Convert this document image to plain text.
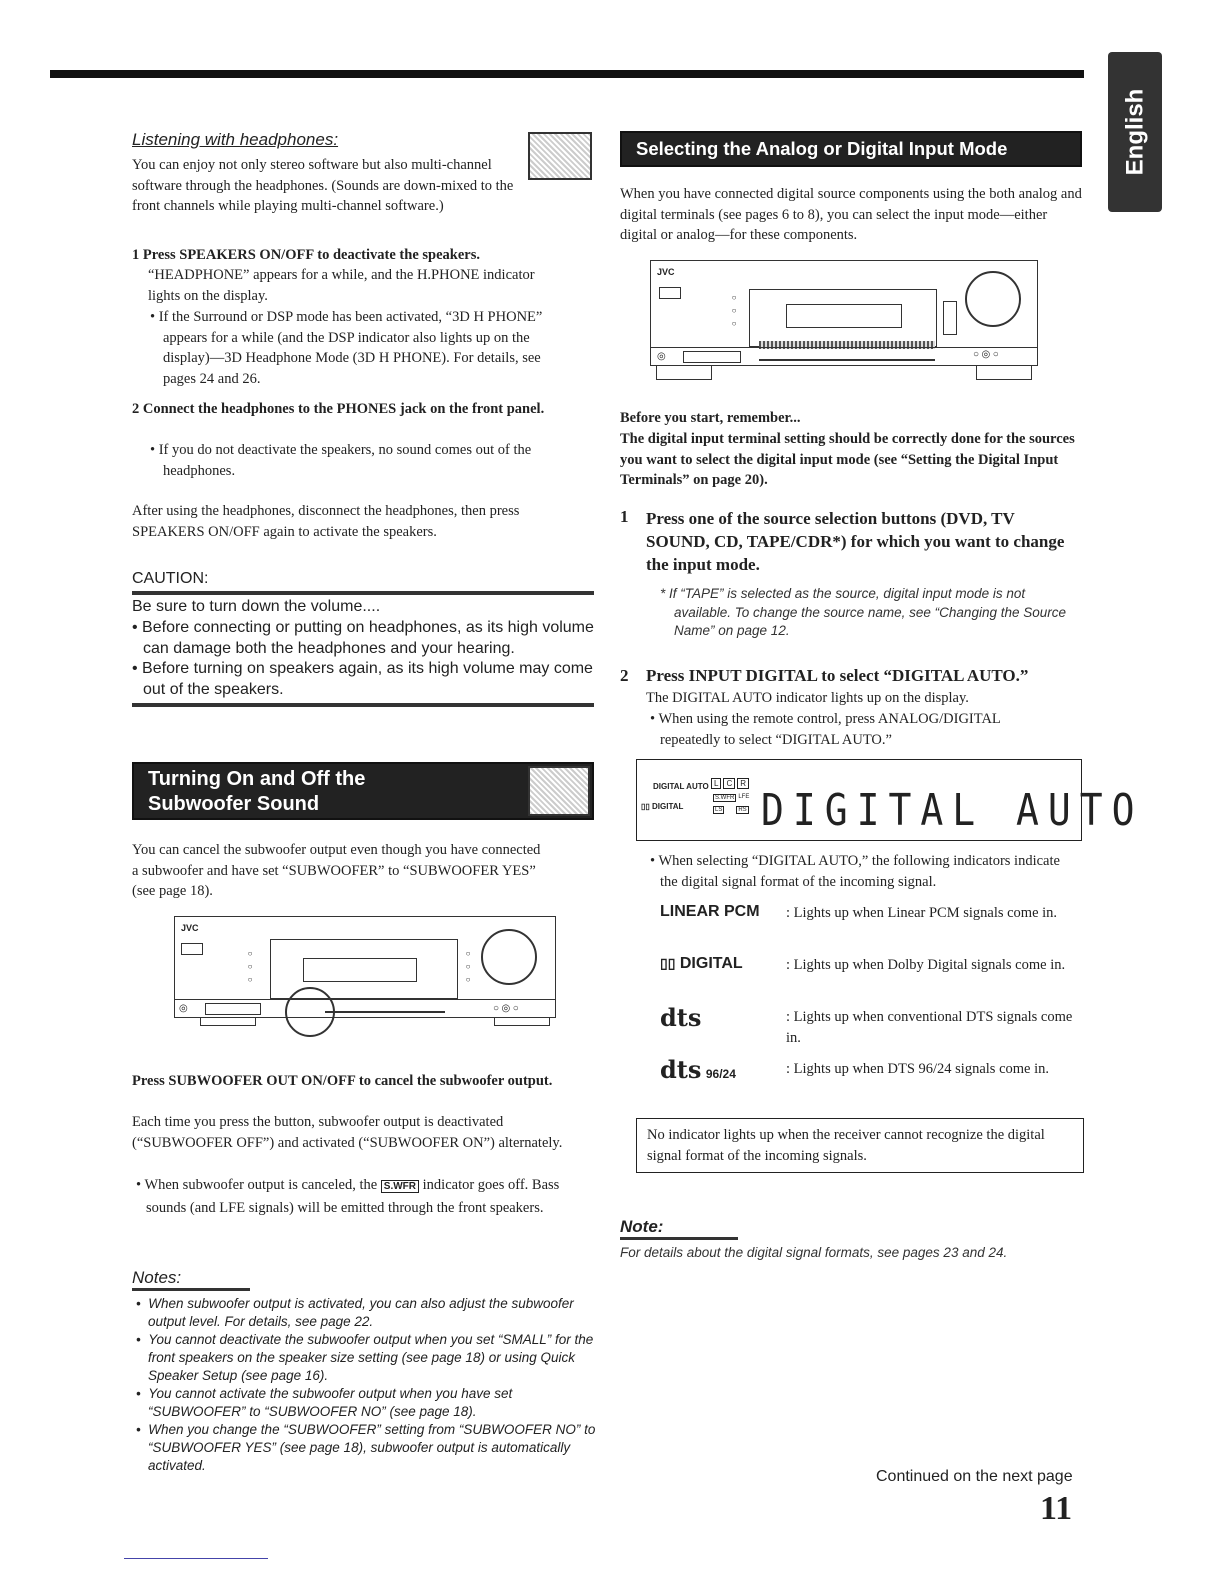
English
Listening with headphones:
You can enjoy not only stereo software but also multi-channel software through the headphones. (Sounds are down-mixed to the front channels while playing multi-channel software.)
1 Press SPEAKERS ON/OFF to deactivate the speakers.
“HEADPHONE” appears for a while, and the H.PHONE indicator lights on the display.
• If the Surround or DSP mode has been activated, “3D H PHONE” appears for a while (and the DSP indicator also lights up on the display)—3D Headphone Mode (3D H PHONE). For details, see pages 24 and 26.
2 Connect the headphones to the PHONES jack on the front panel.
• If you do not deactivate the speakers, no sound comes out of the headphones.
After using the headphones, disconnect the headphones, then press SPEAKERS ON/OFF again to activate the speakers.
CAUTION:
Be sure to turn down the volume....
• Before connecting or putting on headphones, as its high volume can damage both the headphones and your hearing.
• Before turning on speakers again, as its high volume may come out of the speakers.
Turning On and Off the
Subwoofer Sound
You can cancel the subwoofer output even though you have connected a subwoofer and have set “SUBWOOFER” to “SUBWOOFER YES” (see page 18).
JVC
○
○
○
○
○
○
◎	○ ◎ ○
Press SUBWOOFER OUT ON/OFF to cancel the subwoofer output.
Each time you press the button, subwoofer output is deactivated (“SUBWOOFER OFF”) and activated (“SUBWOOFER ON”) alternately.
• When subwoofer output is canceled, the S.WFR indicator goes off. Bass sounds (and LFE signals) will be emitted through the front speakers.
Notes:
•  When subwoofer output is activated, you can also adjust the subwoofer output level. For details, see page 22.
•  You cannot deactivate the subwoofer output when you set “SMALL” for the front speakers on the speaker size setting (see page 18) or using Quick Speaker Setup (see page 16).
•  You cannot activate the subwoofer output when you have set “SUBWOOFER” to “SUBWOOFER NO” (see page 18).
•  When you change the “SUBWOOFER” setting from “SUBWOOFER NO” to “SUBWOOFER YES” (see page 18), subwoofer output is automatically activated.
Selecting the Analog or Digital Input Mode
When you have connected digital source components using the both analog and digital terminals (see pages 6 to 8), you can select the input mode—either digital or analog—for these components.
JVC
○
○
○
◎	○ ◎ ○
Before you start, remember...
The digital input terminal setting should be correctly done for the sources you want to select the digital input mode (see “Setting the Digital Input Terminals” on page 20).
1 Press one of the source selection buttons (DVD, TV SOUND, CD, TAPE/CDR*) for which you want to change the input mode.
* If “TAPE” is selected as the source, digital input mode is not available. To change the source name, see “Changing the Source Name” on page 12.
2 Press INPUT DIGITAL to select “DIGITAL AUTO.”
The DIGITAL AUTO indicator lights up on the display.
• When using the remote control, press ANALOG/DIGITAL repeatedly to select “DIGITAL AUTO.”
DIGITAL AUTO L	C	R
S.WFR LFE
▯▯ DIGITAL	LS	RS DIGITAL AUTO
• When selecting “DIGITAL AUTO,” the following indicators indicate the digital signal format of the incoming signal.
LINEAR PCM	: Lights up when Linear PCM signals come in.
▯▯ DIGITAL	: Lights up when Dolby Digital signals come in.
dts	: Lights up when conventional DTS signals come in.
dts 96/24	: Lights up when DTS 96/24 signals come in.
No indicator lights up when the receiver cannot recognize the digital signal format of the incoming signals.
Note:
For details about the digital signal formats, see pages 23 and 24.
Continued on the next page
11
